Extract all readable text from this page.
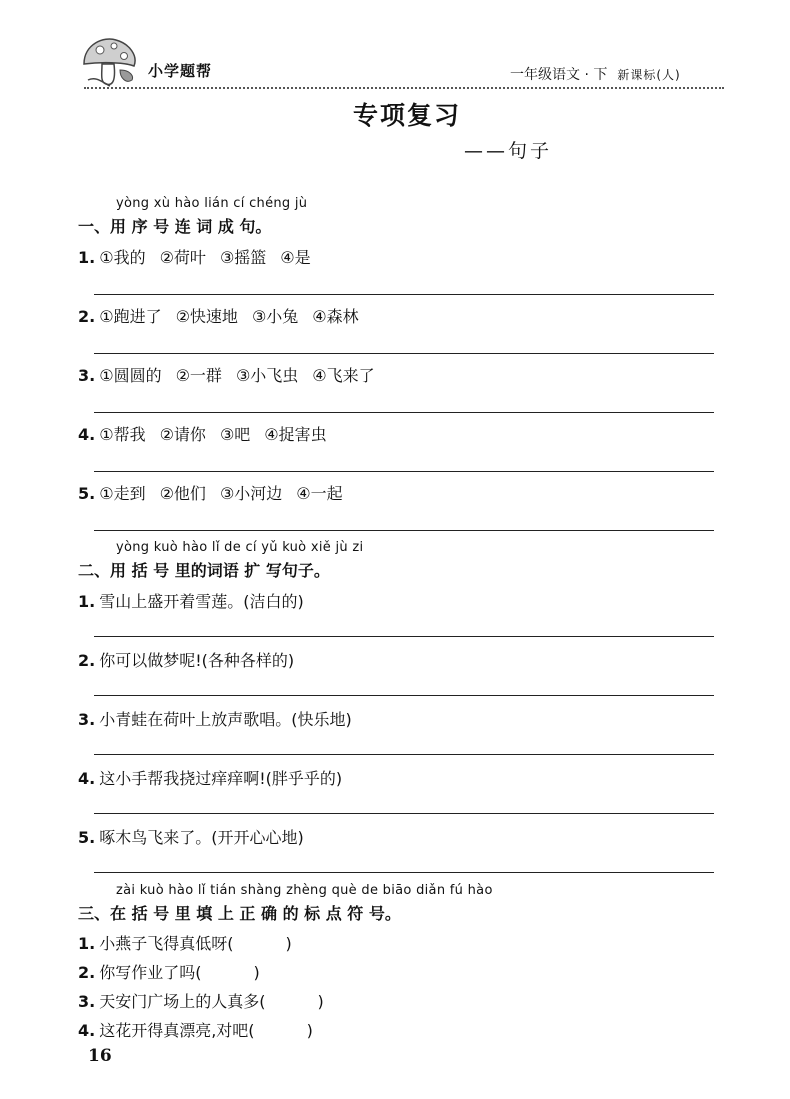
小学题帮	一年级语文 · 下 新课标(人)
专项复习
——句子
yòng xù hào lián cí chéng jù
一、用 序 号 连 词 成 句。
1. ①我的 ②荷叶 ③摇篮 ④是
2. ①跑进了 ②快速地 ③小兔 ④森林
3. ①圆圆的 ②一群 ③小飞虫 ④飞来了
4. ①帮我 ②请你 ③吧 ④捉害虫
5. ①走到 ②他们 ③小河边 ④一起
yòng kuò hào lǐ de cí yǔ kuò xiě jù zi
二、用 括 号 里的词语 扩 写句子。
1. 雪山上盛开着雪莲。(洁白的)
2. 你可以做梦呢!(各种各样的)
3. 小青蛙在荷叶上放声歌唱。(快乐地)
4. 这小手帮我挠过痒痒啊!(胖乎乎的)
5. 啄木鸟飞来了。(开开心心地)
zài kuò hào lǐ tián shàng zhèng què de biāo diǎn fú hào
三、在 括 号 里 填 上 正 确 的 标 点 符 号。
1. 小燕子飞得真低呀(	)
2. 你写作业了吗(	)
3. 天安门广场上的人真多(	)
4. 这花开得真漂亮,对吧(	)
16
